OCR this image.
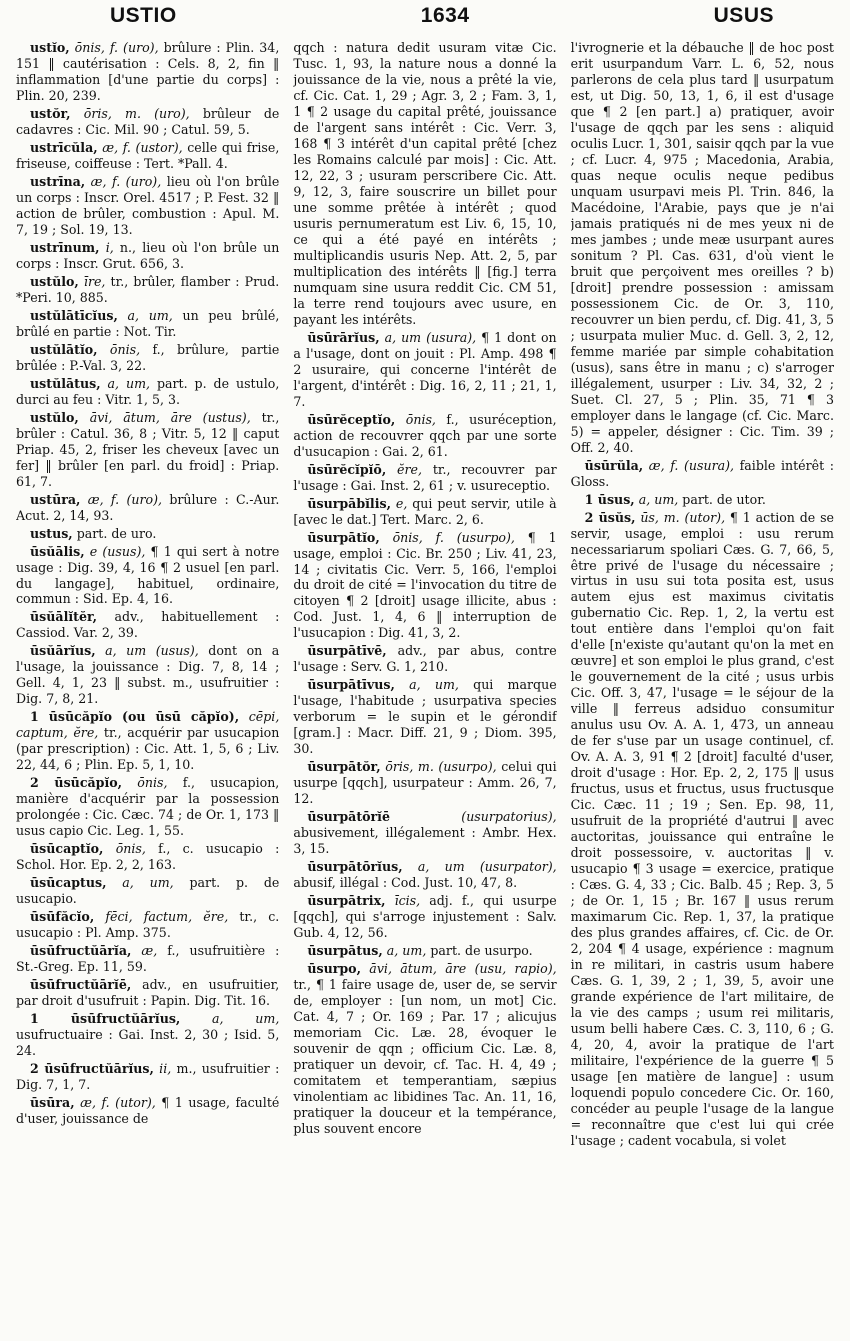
USTIO	1634	USUS

ustĭo, ōnis, f. (uro), brûlure : Plin. 34, 151 ‖ cautérisation : Cels. 8, 2, fin ‖ inflammation [d'une partie du corps] : Plin. 20, 239.

ustŏr, ōris, m. (uro), brûleur de cadavres : Cic. Mil. 90 ; Catul. 59, 5.

ustrīcŭla, æ, f. (ustor), celle qui frise, friseuse, coiffeuse : Tert. *Pall. 4.

ustrīna, æ, f. (uro), lieu où l'on brûle un corps : Inscr. Orel. 4517 ; P. Fest. 32 ‖ action de brûler, combustion : Apul. M. 7, 19 ; Sol. 19, 13.

ustrīnum, i, n., lieu où l'on brûle un corps : Inscr. Grut. 656, 3.

ustŭlo, īre, tr., brûler, flamber : Prud. *Peri. 10, 885.

ustŭlātīcĭus, a, um, un peu brûlé, brûlé en partie : Not. Tir.

ustŭlātĭo, ōnis, f., brûlure, partie brûlée : P.-Val. 3, 22.

ustŭlātus, a, um, part. p. de ustulo, durci au feu : Vitr. 1, 5, 3.

ustŭlo, āvi, ātum, āre (ustus), tr., brûler : Catul. 36, 8 ; Vitr. 5, 12 ‖ caput Priap. 45, 2, friser les cheveux [avec un fer] ‖ brûler [en parl. du froid] : Priap. 61, 7.

ustūra, æ, f. (uro), brûlure : C.-Aur. Acut. 2, 14, 93.

ustus, part. de uro.

ūsŭālis, e (usus), ¶ 1 qui sert à notre usage : Dig. 39, 4, 16 ¶ 2 usuel [en parl. du langage], habituel, ordinaire, commun : Sid. Ep. 4, 16.

ūsŭālĭtĕr, adv., habituellement : Cassiod. Var. 2, 39.

ūsŭārĭus, a, um (usus), dont on a l'usage, la jouissance : Dig. 7, 8, 14 ; Gell. 4, 1, 23 ‖ subst. m., usufruitier : Dig. 7, 8, 21.

1 ūsūcăpĭo (ou ūsū căpĭo), cēpi, captum, ĕre, tr., acquérir par usucapion (par prescription) : Cic. Att. 1, 5, 6 ; Liv. 22, 44, 6 ; Plin. Ep. 5, 1, 10.

2 ūsūcăpĭo, ōnis, f., usucapion, manière d'acquérir par la possession prolongée : Cic. Cæc. 74 ; de Or. 1, 173 ‖ usus capio Cic. Leg. 1, 55.

ūsūcaptĭo, ōnis, f., c. usucapio : Schol. Hor. Ep. 2, 2, 163.

ūsūcaptus, a, um, part. p. de usucapio.

ūsūfăcĭo, fēci, factum, ĕre, tr., c. usucapio : Pl. Amp. 375.

ūsūfructŭārĭa, æ, f., usufruitière : St.-Greg. Ep. 11, 59.

ūsūfructŭārĭē, adv., en usufruitier, par droit d'usufruit : Papin. Dig. Tit. 16.

1 ūsūfructŭārĭus, a, um, usufructuaire : Gai. Inst. 2, 30 ; Isid. 5, 24.

2 ūsūfructŭārĭus, ii, m., usufruitier : Dig. 7, 1, 7.

ūsūra, æ, f. (utor), ¶ 1 usage, faculté d'user, jouissance de

qqch : natura dedit usuram vitæ Cic. Tusc. 1, 93, la nature nous a donné la jouissance de la vie, nous a prêté la vie, cf. Cic. Cat. 1, 29 ; Agr. 3, 2 ; Fam. 3, 1, 1 ¶ 2 usage du capital prêté, jouissance de l'argent sans intérêt : Cic. Verr. 3, 168 ¶ 3 intérêt d'un capital prêté [chez les Romains calculé par mois] : Cic. Att. 12, 22, 3 ; usuram perscribere Cic. Att. 9, 12, 3, faire souscrire un billet pour une somme prêtée à intérêt ; quod usuris pernumeratum est Liv. 6, 15, 10, ce qui a été payé en intérêts ; multiplicandis usuris Nep. Att. 2, 5, par multiplication des intérêts ‖ [fig.] terra numquam sine usura reddit Cic. CM 51, la terre rend toujours avec usure, en payant les intérêts.

ūsūrārĭus, a, um (usura), ¶ 1 dont on a l'usage, dont on jouit : Pl. Amp. 498 ¶ 2 usuraire, qui concerne l'intérêt de l'argent, d'intérêt : Dig. 16, 2, 11 ; 21, 1, 7.

ūsūrĕceptĭo, ōnis, f., usuréception, action de recouvrer qqch par une sorte d'usucapion : Gai. 2, 61.

ūsūrĕcĭpĭō, ĕre, tr., recouvrer par l'usage : Gai. Inst. 2, 61 ; v. usureceptio.

ūsurpābĭlis, e, qui peut servir, utile à [avec le dat.] Tert. Marc. 2, 6.

ūsurpātĭo, ōnis, f. (usurpo), ¶ 1 usage, emploi : Cic. Br. 250 ; Liv. 41, 23, 14 ; civitatis Cic. Verr. 5, 166, l'emploi du droit de cité = l'invocation du titre de citoyen ¶ 2 [droit] usage illicite, abus : Cod. Just. 1, 4, 6 ‖ interruption de l'usucapion : Dig. 41, 3, 2.

ūsurpātīvē, adv., par abus, contre l'usage : Serv. G. 1, 210.

ūsurpātīvus, a, um, qui marque l'usage, l'habitude ; usurpativa species verborum = le supin et le gérondif [gram.] : Macr. Diff. 21, 9 ; Diom. 395, 30.

ūsurpātŏr, ōris, m. (usurpo), celui qui usurpe [qqch], usurpateur : Amm. 26, 7, 12.

ūsurpātōrĭē (usurpatorius), abusivement, illégalement : Ambr. Hex. 3, 15.

ūsurpātōrĭus, a, um (usurpator), abusif, illégal : Cod. Just. 10, 47, 8.

ūsurpātrix, īcis, adj. f., qui usurpe [qqch], qui s'arroge injustement : Salv. Gub. 4, 12, 56.

ūsurpātus, a, um, part. de usurpo.

ūsurpo, āvi, ātum, āre (usu, rapio), tr., ¶ 1 faire usage de, user de, se servir de, employer : [un nom, un mot] Cic. Cat. 4, 7 ; Or. 169 ; Par. 17 ; alicujus memoriam Cic. Læ. 28, évoquer le souvenir de qqn ; officium Cic. Læ. 8, pratiquer un devoir, cf. Tac. H. 4, 49 ; comitatem et temperantiam, sæpius vinolentiam ac libidines Tac. An. 11, 16, pratiquer la douceur et la tempérance, plus souvent encore

l'ivrognerie et la débauche ‖ de hoc post erit usurpandum Varr. L. 6, 52, nous parlerons de cela plus tard ‖ usurpatum est, ut Dig. 50, 13, 1, 6, il est d'usage que ¶ 2 [en part.] a) pratiquer, avoir l'usage de qqch par les sens : aliquid oculis Lucr. 1, 301, saisir qqch par la vue ; cf. Lucr. 4, 975 ; Macedonia, Arabia, quas neque oculis neque pedibus unquam usurpavi meis Pl. Trin. 846, la Macédoine, l'Arabie, pays que je n'ai jamais pratiqués ni de mes yeux ni de mes jambes ; unde meæ usurpant aures sonitum ? Pl. Cas. 631, d'où vient le bruit que perçoivent mes oreilles ? b) [droit] prendre possession : amissam possessionem Cic. de Or. 3, 110, recouvrer un bien perdu, cf. Dig. 41, 3, 5 ; usurpata mulier Muc. d. Gell. 3, 2, 12, femme mariée par simple cohabitation (usus), sans être in manu ; c) s'arroger illégalement, usurper : Liv. 34, 32, 2 ; Suet. Cl. 27, 5 ; Plin. 35, 71 ¶ 3 employer dans le langage (cf. Cic. Marc. 5) = appeler, désigner : Cic. Tim. 39 ; Off. 2, 40.

ūsūrŭla, æ, f. (usura), faible intérêt : Gloss.

1 ūsus, a, um, part. de utor.

2 ūsŭs, ūs, m. (utor), ¶ 1 action de se servir, usage, emploi : usu rerum necessariarum spoliari Cæs. G. 7, 66, 5, être privé de l'usage du nécessaire ; virtus in usu sui tota posita est, usus autem ejus est maximus civitatis gubernatio Cic. Rep. 1, 2, la vertu est tout entière dans l'emploi qu'on fait d'elle [n'existe qu'autant qu'on la met en œuvre] et son emploi le plus grand, c'est le gouvernement de la cité ; usus urbis Cic. Off. 3, 47, l'usage = le séjour de la ville ‖ ferreus adsiduo consumitur anulus usu Ov. A. A. 1, 473, un anneau de fer s'use par un usage continuel, cf. Ov. A. A. 3, 91 ¶ 2 [droit] faculté d'user, droit d'usage : Hor. Ep. 2, 2, 175 ‖ usus fructus, usus et fructus, usus fructusque Cic. Cæc. 11 ; 19 ; Sen. Ep. 98, 11, usufruit de la propriété d'autrui ‖ avec auctoritas, jouissance qui entraîne le droit possessoire, v. auctoritas ‖ v. usucapio ¶ 3 usage = exercice, pratique : Cæs. G. 4, 33 ; Cic. Balb. 45 ; Rep. 3, 5 ; de Or. 1, 15 ; Br. 167 ‖ usus rerum maximarum Cic. Rep. 1, 37, la pratique des plus grandes affaires, cf. Cic. de Or. 2, 204 ¶ 4 usage, expérience : magnum in re militari, in castris usum habere Cæs. G. 1, 39, 2 ; 1, 39, 5, avoir une grande expérience de l'art militaire, de la vie des camps ; usum rei militaris, usum belli habere Cæs. C. 3, 110, 6 ; G. 4, 20, 4, avoir la pratique de l'art militaire, l'expérience de la guerre ¶ 5 usage [en matière de langue] : usum loquendi populo concedere Cic. Or. 160, concéder au peuple l'usage de la langue = reconnaître que c'est lui qui crée l'usage ; cadent vocabula, si volet
